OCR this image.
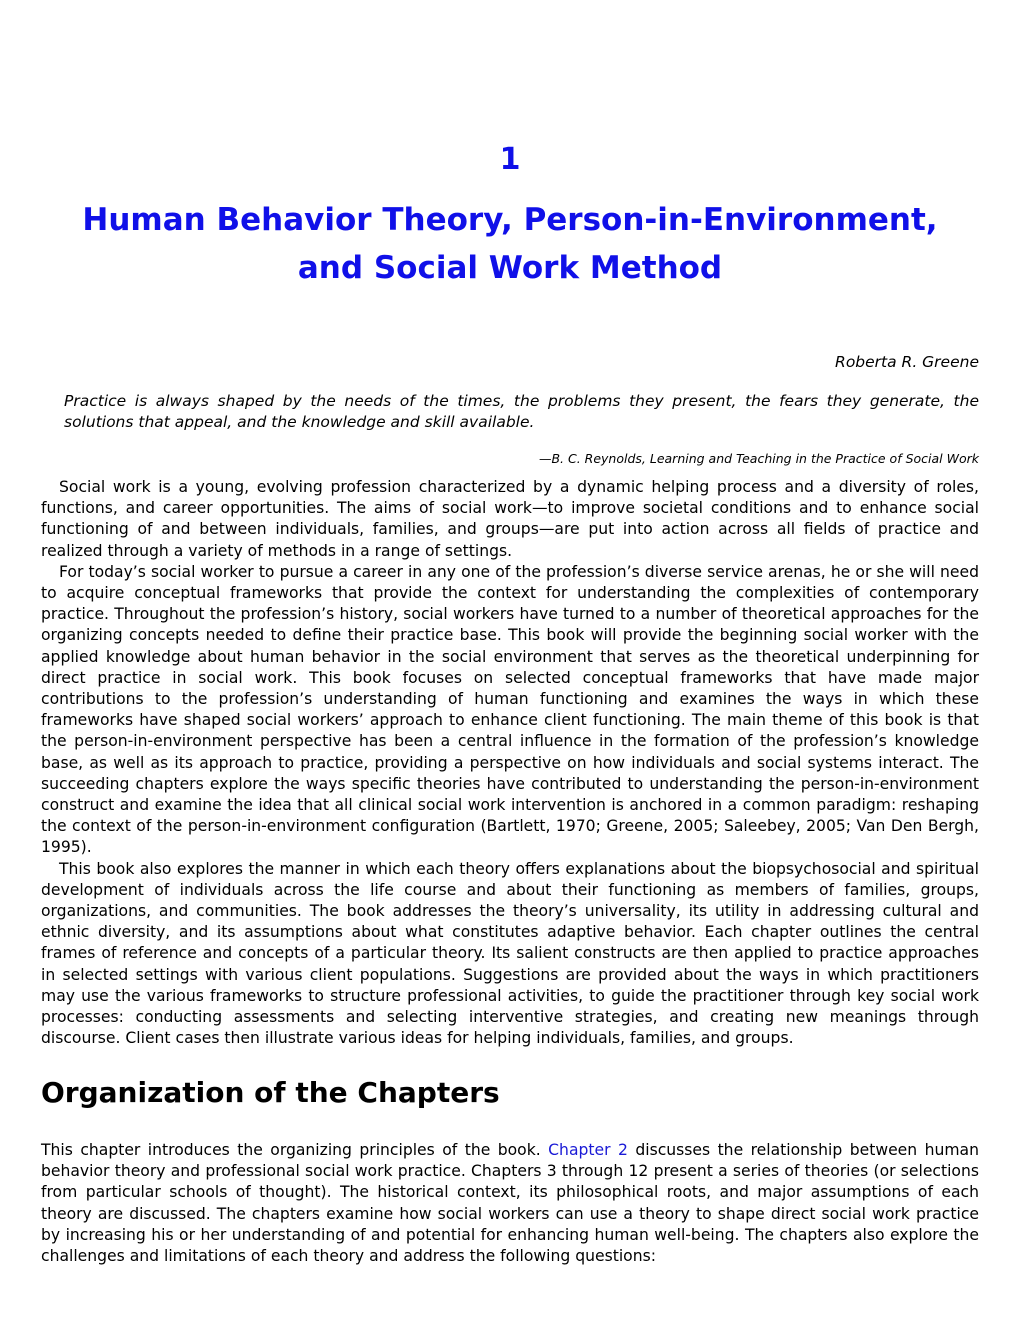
1
Human Behavior Theory, Person-in-Environment,
and Social Work Method
Roberta R. Greene

Practice is always shaped by the needs of the times, the problems they present, the fears they generate, the solutions that appeal, and the knowledge and skill available.

—B. C. Reynolds, Learning and Teaching in the Practice of Social Work

Social work is a young, evolving profession characterized by a dynamic helping process and a diversity of roles, functions, and career opportunities. The aims of social work—to improve societal conditions and to enhance social functioning of and between individuals, families, and groups—are put into action across all fields of practice and realized through a variety of methods in a range of settings.

For today’s social worker to pursue a career in any one of the profession’s diverse service arenas, he or she will need to acquire conceptual frameworks that provide the context for understanding the complexities of contemporary practice. Throughout the profession’s history, social workers have turned to a number of theoretical approaches for the organizing concepts needed to define their practice base. This book will provide the beginning social worker with the applied knowledge about human behavior in the social environment that serves as the theoretical underpinning for direct practice in social work. This book focuses on selected conceptual frameworks that have made major contributions to the profession’s understanding of human functioning and examines the ways in which these frameworks have shaped social workers’ approach to enhance client functioning. The main theme of this book is that the person-in-environment perspective has been a central influence in the formation of the profession’s knowledge base, as well as its approach to practice, providing a perspective on how individuals and social systems interact. The succeeding chapters explore the ways specific theories have contributed to understanding the person-in-environment construct and examine the idea that all clinical social work intervention is anchored in a common paradigm: reshaping the context of the person-in-environment configuration (Bartlett, 1970; Greene, 2005; Saleebey, 2005; Van Den Bergh, 1995).

This book also explores the manner in which each theory offers explanations about the biopsychosocial and spiritual development of individuals across the life course and about their functioning as members of families, groups, organizations, and communities. The book addresses the theory’s universality, its utility in addressing cultural and ethnic diversity, and its assumptions about what constitutes adaptive behavior. Each chapter outlines the central frames of reference and concepts of a particular theory. Its salient constructs are then applied to practice approaches in selected settings with various client populations. Suggestions are provided about the ways in which practitioners may use the various frameworks to structure professional activities, to guide the practitioner through key social work processes: conducting assessments and selecting interventive strategies, and creating new meanings through discourse. Client cases then illustrate various ideas for helping individuals, families, and groups.

Organization of the Chapters

This chapter introduces the organizing principles of the book. Chapter 2 discusses the relationship between human behavior theory and professional social work practice. Chapters 3 through 12 present a series of theories (or selections from particular schools of thought). The historical context, its philosophical roots, and major assumptions of each theory are discussed. The chapters examine how social workers can use a theory to shape direct social work practice by increasing his or her understanding of and potential for enhancing human well-being. The chapters also explore the challenges and limitations of each theory and address the following questions:
